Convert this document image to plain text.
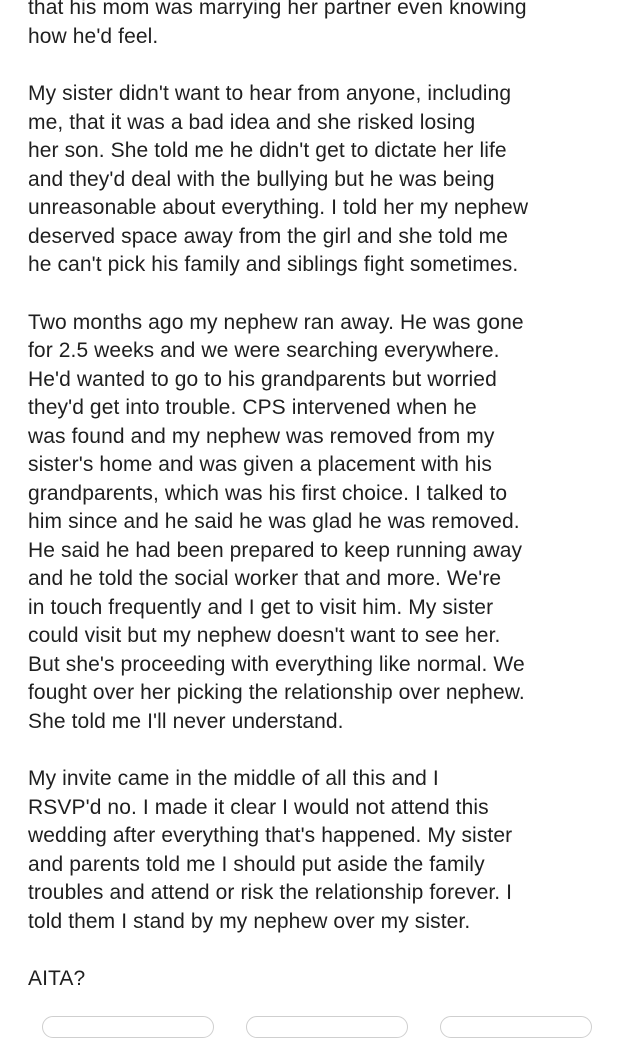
that his mom was marrying her partner even knowing
how he'd feel.
My sister didn't want to hear from anyone, including
me, that it was a bad idea and she risked losing
her son. She told me he didn't get to dictate her life
and they'd deal with the bullying but he was being
unreasonable about everything. I told her my nephew
deserved space away from the girl and she told me
he can't pick his family and siblings fight sometimes.
Two months ago my nephew ran away. He was gone
for 2.5 weeks and we were searching everywhere.
He'd wanted to go to his grandparents but worried
they'd get into trouble. CPS intervened when he
was found and my nephew was removed from my
sister's home and was given a placement with his
grandparents, which was his first choice. I talked to
him since and he said he was glad he was removed.
He said he had been prepared to keep running away
and he told the social worker that and more. We're
in touch frequently and I get to visit him. My sister
could visit but my nephew doesn't want to see her.
But she's proceeding with everything like normal. We
fought over her picking the relationship over nephew.
She told me I'll never understand.
My invite came in the middle of all this and I
RSVP'd no. I made it clear I would not attend this
wedding after everything that's happened. My sister
and parents told me I should put aside the family
troubles and attend or risk the relationship forever. I
told them I stand by my nephew over my sister.
AITA?
